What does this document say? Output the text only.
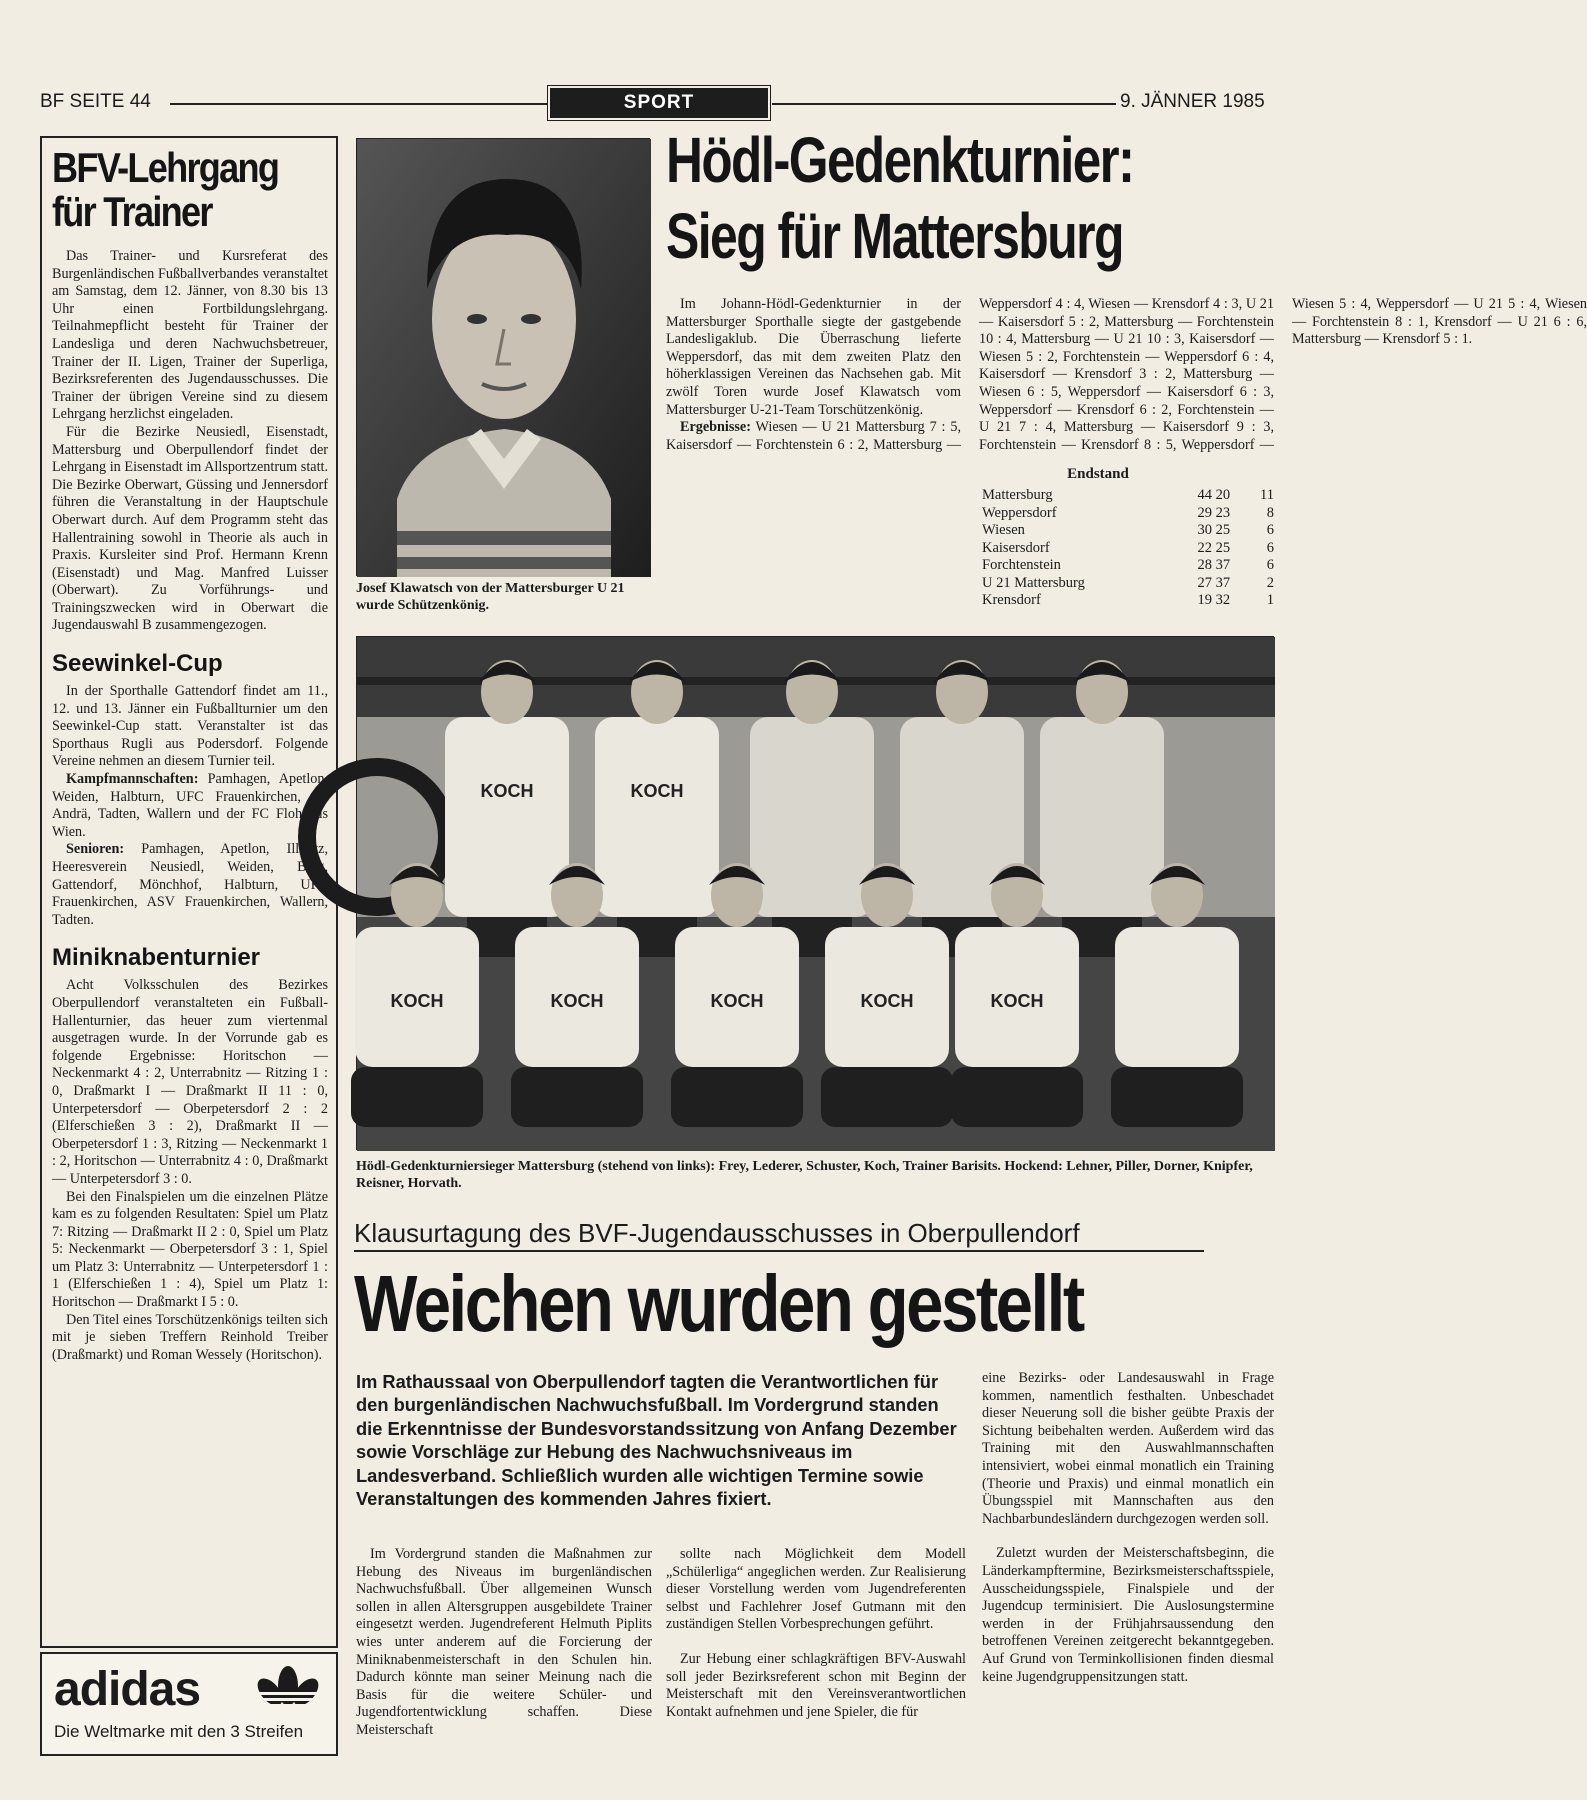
BF SEITE 44	SPORT	9. JÄNNER 1985
BFV-Lehrgang für Trainer

Das Trainer- und Kursreferat des Burgenländischen Fußballverbandes veranstaltet am Samstag, dem 12. Jänner, von 8.30 bis 13 Uhr einen Fortbildungslehrgang. Teilnahmepflicht besteht für Trainer der Landesliga und deren Nachwuchsbetreuer, Trainer der II. Ligen, Trainer der Superliga, Bezirksreferenten des Jugendausschusses. Die Trainer der übrigen Vereine sind zu diesem Lehrgang herzlichst eingeladen.

Für die Bezirke Neusiedl, Eisenstadt, Mattersburg und Oberpullendorf findet der Lehrgang in Eisenstadt im Allsportzentrum statt. Die Bezirke Oberwart, Güssing und Jennersdorf führen die Veranstaltung in der Hauptschule Oberwart durch. Auf dem Programm steht das Hallentraining sowohl in Theorie als auch in Praxis. Kursleiter sind Prof. Hermann Krenn (Eisenstadt) und Mag. Manfred Luisser (Oberwart). Zu Vorführungs- und Trainingszwecken wird in Oberwart die Jugendauswahl B zusammengezogen.

Seewinkel-Cup

In der Sporthalle Gattendorf findet am 11., 12. und 13. Jänner ein Fußballturnier um den Seewinkel-Cup statt. Veranstalter ist das Sporthaus Rugli aus Podersdorf. Folgende Vereine nehmen an diesem Turnier teil.

Kampfmannschaften: Pamhagen, Apetlon, Weiden, Halbturn, UFC Frauenkirchen, St. Andrä, Tadten, Wallern und der FC Floh aus Wien.

Senioren: Pamhagen, Apetlon, Illmitz, Heeresverein Neusiedl, Weiden, Berg, Gattendorf, Mönchhof, Halbturn, UFC Frauenkirchen, ASV Frauenkirchen, Wallern, Tadten.

Miniknabenturnier

Acht Volksschulen des Bezirkes Oberpullendorf veranstalteten ein Fußball-Hallenturnier, das heuer zum viertenmal ausgetragen wurde. In der Vorrunde gab es folgende Ergebnisse: Horitschon — Neckenmarkt 4 : 2, Unterrabnitz — Ritzing 1 : 0, Draßmarkt I — Draßmarkt II 11 : 0, Unterpetersdorf — Oberpetersdorf 2 : 2 (Elferschießen 3 : 2), Draßmarkt II — Oberpetersdorf 1 : 3, Ritzing — Neckenmarkt 1 : 2, Horitschon — Unterrabnitz 4 : 0, Draßmarkt — Unterpetersdorf 3 : 0.

Bei den Finalspielen um die einzelnen Plätze kam es zu folgenden Resultaten: Spiel um Platz 7: Ritzing — Draßmarkt II 2 : 0, Spiel um Platz 5: Neckenmarkt — Oberpetersdorf 3 : 1, Spiel um Platz 3: Unterrabnitz — Unterpetersdorf 1 : 1 (Elferschießen 1 : 4), Spiel um Platz 1: Horitschon — Draßmarkt I 5 : 0.

Den Titel eines Torschützenkönigs teilten sich mit je sieben Treffern Reinhold Treiber (Draßmarkt) und Roman Wessely (Horitschon).

adidas
Die Weltmarke mit den 3 Streifen
Josef Klawatsch von der Mattersburger U 21 wurde Schützenkönig.
Hödl-Gedenkturnier:
Sieg für Mattersburg

Im Johann-Hödl-Gedenkturnier in der Mattersburger Sporthalle siegte der gastgebende Landesligaklub. Die Überraschung lieferte Weppersdorf, das mit dem zweiten Platz den höherklassigen Vereinen das Nachsehen gab. Mit zwölf Toren wurde Josef Klawatsch vom Mattersburger U-21-Team Torschützenkönig.

Ergebnisse: Wiesen — U 21 Mattersburg 7 : 5, Kaisersdorf — Forchtenstein 6 : 2, Mattersburg — Weppersdorf 4 : 4, Wiesen — Krensdorf 4 : 3, U 21 — Kaisersdorf 5 : 2, Mattersburg — Forchtenstein 10 : 4, Mattersburg — U 21 10 : 3, Kaisersdorf — Wiesen 5 : 2, Forchtenstein — Weppersdorf 6 : 4, Kaisersdorf — Krensdorf 3 : 2, Mattersburg — Wiesen 6 : 5, Weppersdorf — Kaisersdorf 6 : 3, Weppersdorf — Krensdorf 6 : 2, Forchtenstein — U 21 7 : 4, Mattersburg — Kaisersdorf 9 : 3, Forchtenstein — Krensdorf 8 : 5, Weppersdorf — Wiesen 5 : 4, Weppersdorf — U 21 5 : 4, Wiesen — Forchtenstein 8 : 1, Krensdorf — U 21 6 : 6, Mattersburg — Krensdorf 5 : 1.

Endstand
Mattersburg	44 20	11
Weppersdorf	29 23	8
Wiesen	30 25	6
Kaisersdorf	22 25	6
Forchtenstein	28 37	6
U 21 Mattersburg	27 37	2
Krensdorf	19 32	1
KOCH	KOCH
KOCH	KOCH	KOCH	KOCH	KOCH
Hödl-Gedenkturniersieger Mattersburg (stehend von links): Frey, Lederer, Schuster, Koch, Trainer Barisits. Hockend: Lehner, Piller, Dorner, Knipfer, Reisner, Horvath.
Klausurtagung des BVF-Jugendausschusses in Oberpullendorf
Weichen wurden gestellt
Im Rathaussaal von Oberpullendorf tagten die Verantwortlichen für den burgenländischen Nachwuchsfußball. Im Vordergrund standen die Erkenntnisse der Bundesvorstandssitzung von Anfang Dezember sowie Vorschläge zur Hebung des Nachwuchsniveaus im Landesverband. Schließlich wurden alle wichtigen Termine sowie Veranstaltungen des kommenden Jahres fixiert.

Im Vordergrund standen die Maßnahmen zur Hebung des Niveaus im burgenländischen Nachwuchsfußball. Über allgemeinen Wunsch sollen in allen Altersgruppen ausgebildete Trainer eingesetzt werden. Jugendreferent Helmuth Piplits wies unter anderem auf die Forcierung der Miniknabenmeisterschaft in den Schulen hin. Dadurch könnte man seiner Meinung nach die Basis für die weitere Schüler- und Jugendfortentwicklung schaffen. Diese Meisterschaft

sollte nach Möglichkeit dem Modell „Schülerliga“ angeglichen werden. Zur Realisierung dieser Vorstellung werden vom Jugendreferenten selbst und Fachlehrer Josef Gutmann mit den zuständigen Stellen Vorbesprechungen geführt.

Zur Hebung einer schlagkräftigen BFV-Auswahl soll jeder Bezirksreferent schon mit Beginn der Meisterschaft mit den Vereinsverantwortlichen Kontakt aufnehmen und jene Spieler, die für

eine Bezirks- oder Landesauswahl in Frage kommen, namentlich festhalten. Unbeschadet dieser Neuerung soll die bisher geübte Praxis der Sichtung beibehalten werden. Außerdem wird das Training mit den Auswahlmannschaften intensiviert, wobei einmal monatlich ein Training (Theorie und Praxis) und einmal monatlich ein Übungsspiel mit Mannschaften aus den Nachbarbundesländern durchgezogen werden soll.

Zuletzt wurden der Meisterschaftsbeginn, die Länderkampftermine, Bezirksmeisterschaftsspiele, Ausscheidungsspiele, Finalspiele und der Jugendcup terminisiert. Die Auslosungstermine werden in der Frühjahrsaussendung den betroffenen Vereinen zeitgerecht bekanntgegeben. Auf Grund von Terminkollisionen finden diesmal keine Jugendgruppensitzungen statt.
